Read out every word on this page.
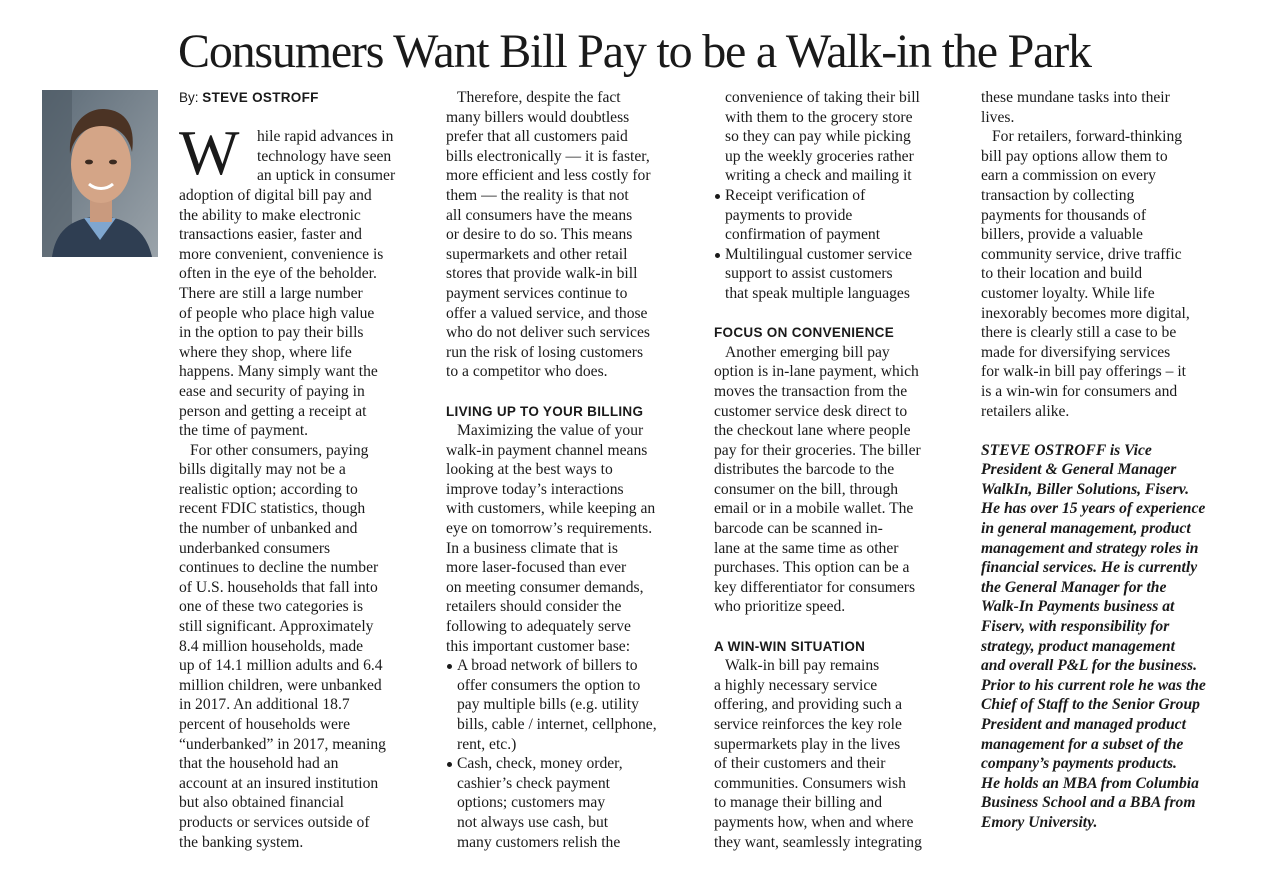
Consumers Want Bill Pay to be a Walk-in the Park
By: STEVE OSTROFF
W	hile rapid advances in
technology have seen
an uptick in consumer
adoption of digital bill pay and
the ability to make electronic
transactions easier, faster and
more convenient, convenience is
often in the eye of the beholder.
There are still a large number
of people who place high value
in the option to pay their bills
where they shop, where life
happens. Many simply want the
ease and security of paying in
person and getting a receipt at
the time of payment.
For other consumers, paying
bills digitally may not be a
realistic option; according to
recent FDIC statistics, though
the number of unbanked and
underbanked consumers
continues to decline the number
of U.S. households that fall into
one of these two categories is
still significant. Approximately
8.4 million households, made
up of 14.1 million adults and 6.4
million children, were unbanked
in 2017. An additional 18.7
percent of households were
“underbanked” in 2017, meaning
that the household had an
account at an insured institution
but also obtained financial
products or services outside of
the banking system.
Therefore, despite the fact
many billers would doubtless
prefer that all customers paid
bills electronically — it is faster,
more efficient and less costly for
them — the reality is that not
all consumers have the means
or desire to do so. This means
supermarkets and other retail
stores that provide walk-in bill
payment services continue to
offer a valued service, and those
who do not deliver such services
run the risk of losing customers
to a competitor who does.
LIVING UP TO YOUR BILLING
Maximizing the value of your
walk-in payment channel means
looking at the best ways to
improve today’s interactions
with customers, while keeping an
eye on tomorrow’s requirements.
In a business climate that is
more laser-focused than ever
on meeting consumer demands,
retailers should consider the
following to adequately serve
this important customer base:
A broad network of billers to
offer consumers the option to
pay multiple bills (e.g. utility
bills, cable / internet, cellphone,
rent, etc.)
Cash, check, money order,
cashier’s check payment
options; customers may
not always use cash, but
many customers relish the
convenience of taking their bill
with them to the grocery store
so they can pay while picking
up the weekly groceries rather
writing a check and mailing it
Receipt verification of
payments to provide
confirmation of payment
Multilingual customer service
support to assist customers
that speak multiple languages
FOCUS ON CONVENIENCE
Another emerging bill pay
option is in-lane payment, which
moves the transaction from the
customer service desk direct to
the checkout lane where people
pay for their groceries. The biller
distributes the barcode to the
consumer on the bill, through
email or in a mobile wallet. The
barcode can be scanned in-
lane at the same time as other
purchases. This option can be a
key differentiator for consumers
who prioritize speed.
A WIN-WIN SITUATION
Walk-in bill pay remains
a highly necessary service
offering, and providing such a
service reinforces the key role
supermarkets play in the lives
of their customers and their
communities. Consumers wish
to manage their billing and
payments how, when and where
they want, seamlessly integrating
these mundane tasks into their
lives.
For retailers, forward-thinking
bill pay options allow them to
earn a commission on every
transaction by collecting
payments for thousands of
billers, provide a valuable
community service, drive traffic
to their location and build
customer loyalty. While life
inexorably becomes more digital,
there is clearly still a case to be
made for diversifying services
for walk-in bill pay offerings – it
is a win-win for consumers and
retailers alike.
STEVE OSTROFF is Vice
President & General Manager
WalkIn, Biller Solutions, Fiserv.
He has over 15 years of experience
in general management, product
management and strategy roles in
financial services. He is currently
the General Manager for the
Walk-In Payments business at
Fiserv, with responsibility for
strategy, product management
and overall P&L for the business.
Prior to his current role he was the
Chief of Staff to the Senior Group
President and managed product
management for a subset of the
company’s payments products.
He holds an MBA from Columbia
Business School and a BBA from
Emory University.
